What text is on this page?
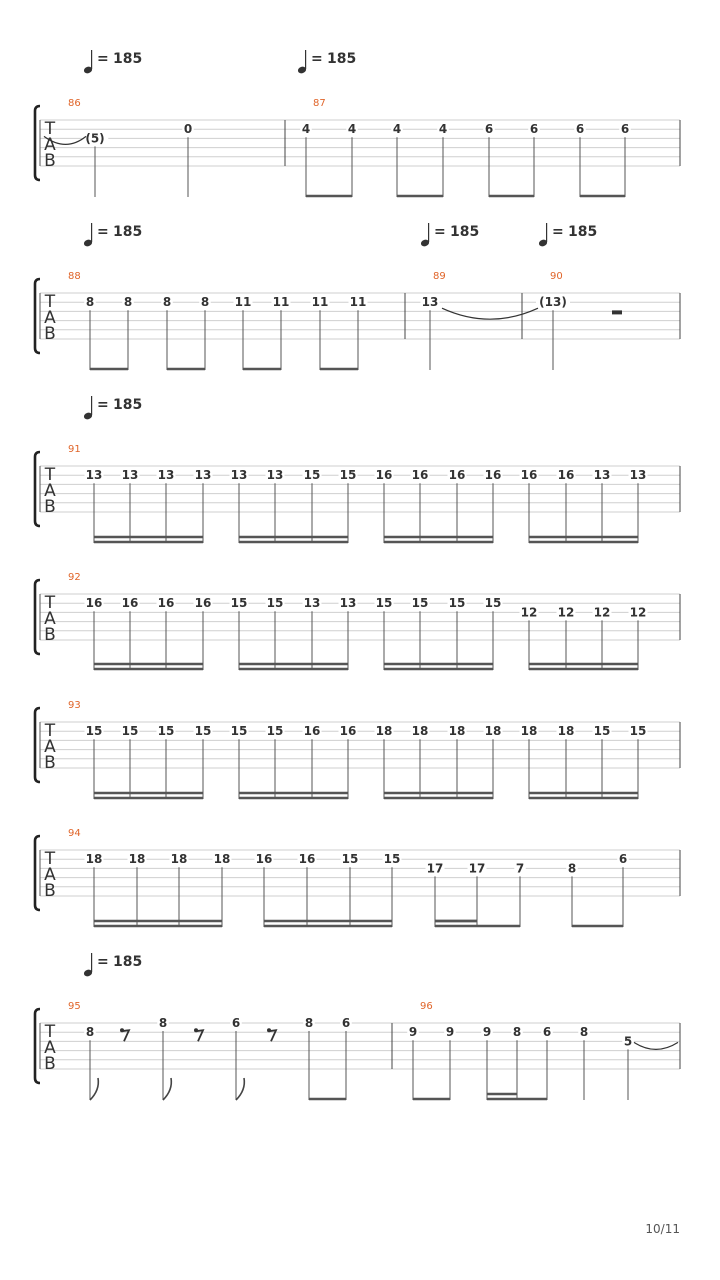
T
A
B
= 185	= 185
86
(5)
0
87
4	4	4	4	6	6	6	6
T
A
B
= 185	= 185	= 185
88
8 8	8 8 11 11 11 11
89
13
90
(13)
T
A
B
= 185
91
13 13 13 13 13 13 15 15 16 16 16 16 16 16 13 13
T
A
B
92
16 16 16 16 15 15 13 13 15 15 15 15
12 12 12 12
T
A
B
93
15 15 15 15 15 15 16 16 18 18 18 18 18 18 15 15
T
A
B
94
18 18 18 18 16 16 15 15
17 17	7	8
6
T
A
B
= 185
95
8
8	6	8 6
96
9 9 9 8 6 8
5
10/11
